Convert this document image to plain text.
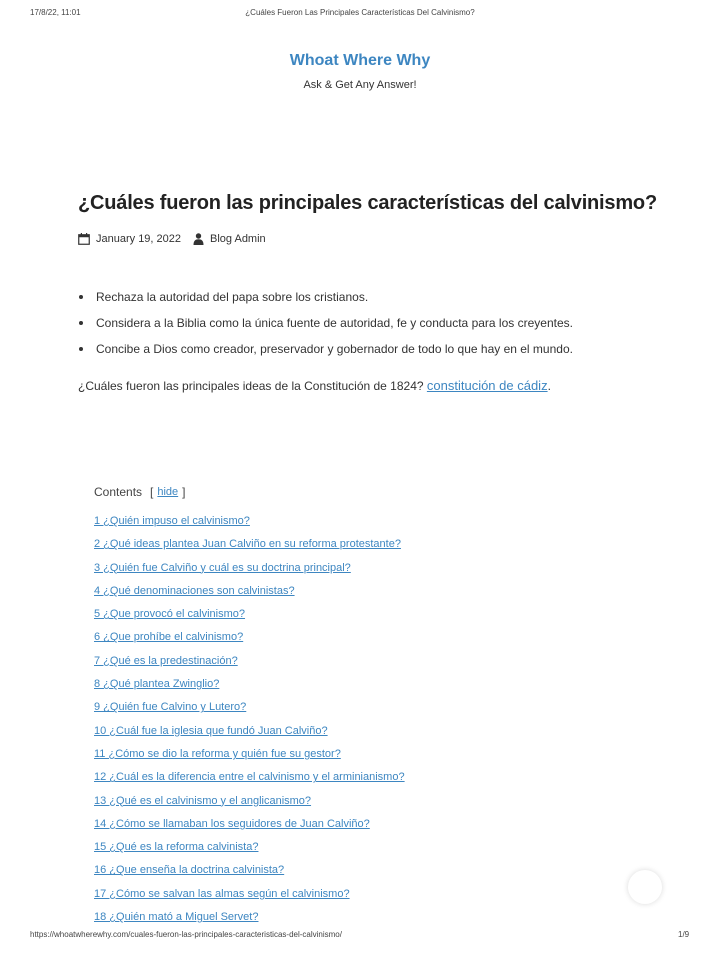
17/8/22, 11:01	¿Cuáles Fueron Las Principales Características Del Calvinismo?
Whoat Where Why
Ask & Get Any Answer!
¿Cuáles fueron las principales características del calvinismo?
January 19, 2022	Blog Admin
Rechaza la autoridad del papa sobre los cristianos.
Considera a la Biblia como la única fuente de autoridad, fe y conducta para los creyentes.
Concibe a Dios como creador, preservador y gobernador de todo lo que hay en el mundo.

¿Cuáles fueron las principales ideas de la Constitución de 1824? constitución de cádiz.

Contents [ hide ]
1 ¿Quién impuso el calvinismo?
2 ¿Qué ideas plantea Juan Calviño en su reforma protestante?
3 ¿Quién fue Calviño y cuál es su doctrina principal?
4 ¿Qué denominaciones son calvinistas?
5 ¿Que provocó el calvinismo?
6 ¿Que prohíbe el calvinismo?
7 ¿Qué es la predestinación?
8 ¿Qué plantea Zwinglio?
9 ¿Quién fue Calvino y Lutero?
10 ¿Cuál fue la iglesia que fundó Juan Calviño?
11 ¿Cómo se dio la reforma y quién fue su gestor?
12 ¿Cuál es la diferencia entre el calvinismo y el arminianismo?
13 ¿Qué es el calvinismo y el anglicanismo?
14 ¿Cómo se llamaban los seguidores de Juan Calviño?
15 ¿Qué es la reforma calvinista?
16 ¿Que enseña la doctrina calvinista?
17 ¿Cómo se salvan las almas según el calvinismo?
18 ¿Quién mató a Miguel Servet?
https://whoatwherewhy.com/cuales-fueron-las-principales-caracteristicas-del-calvinismo/	1/9
